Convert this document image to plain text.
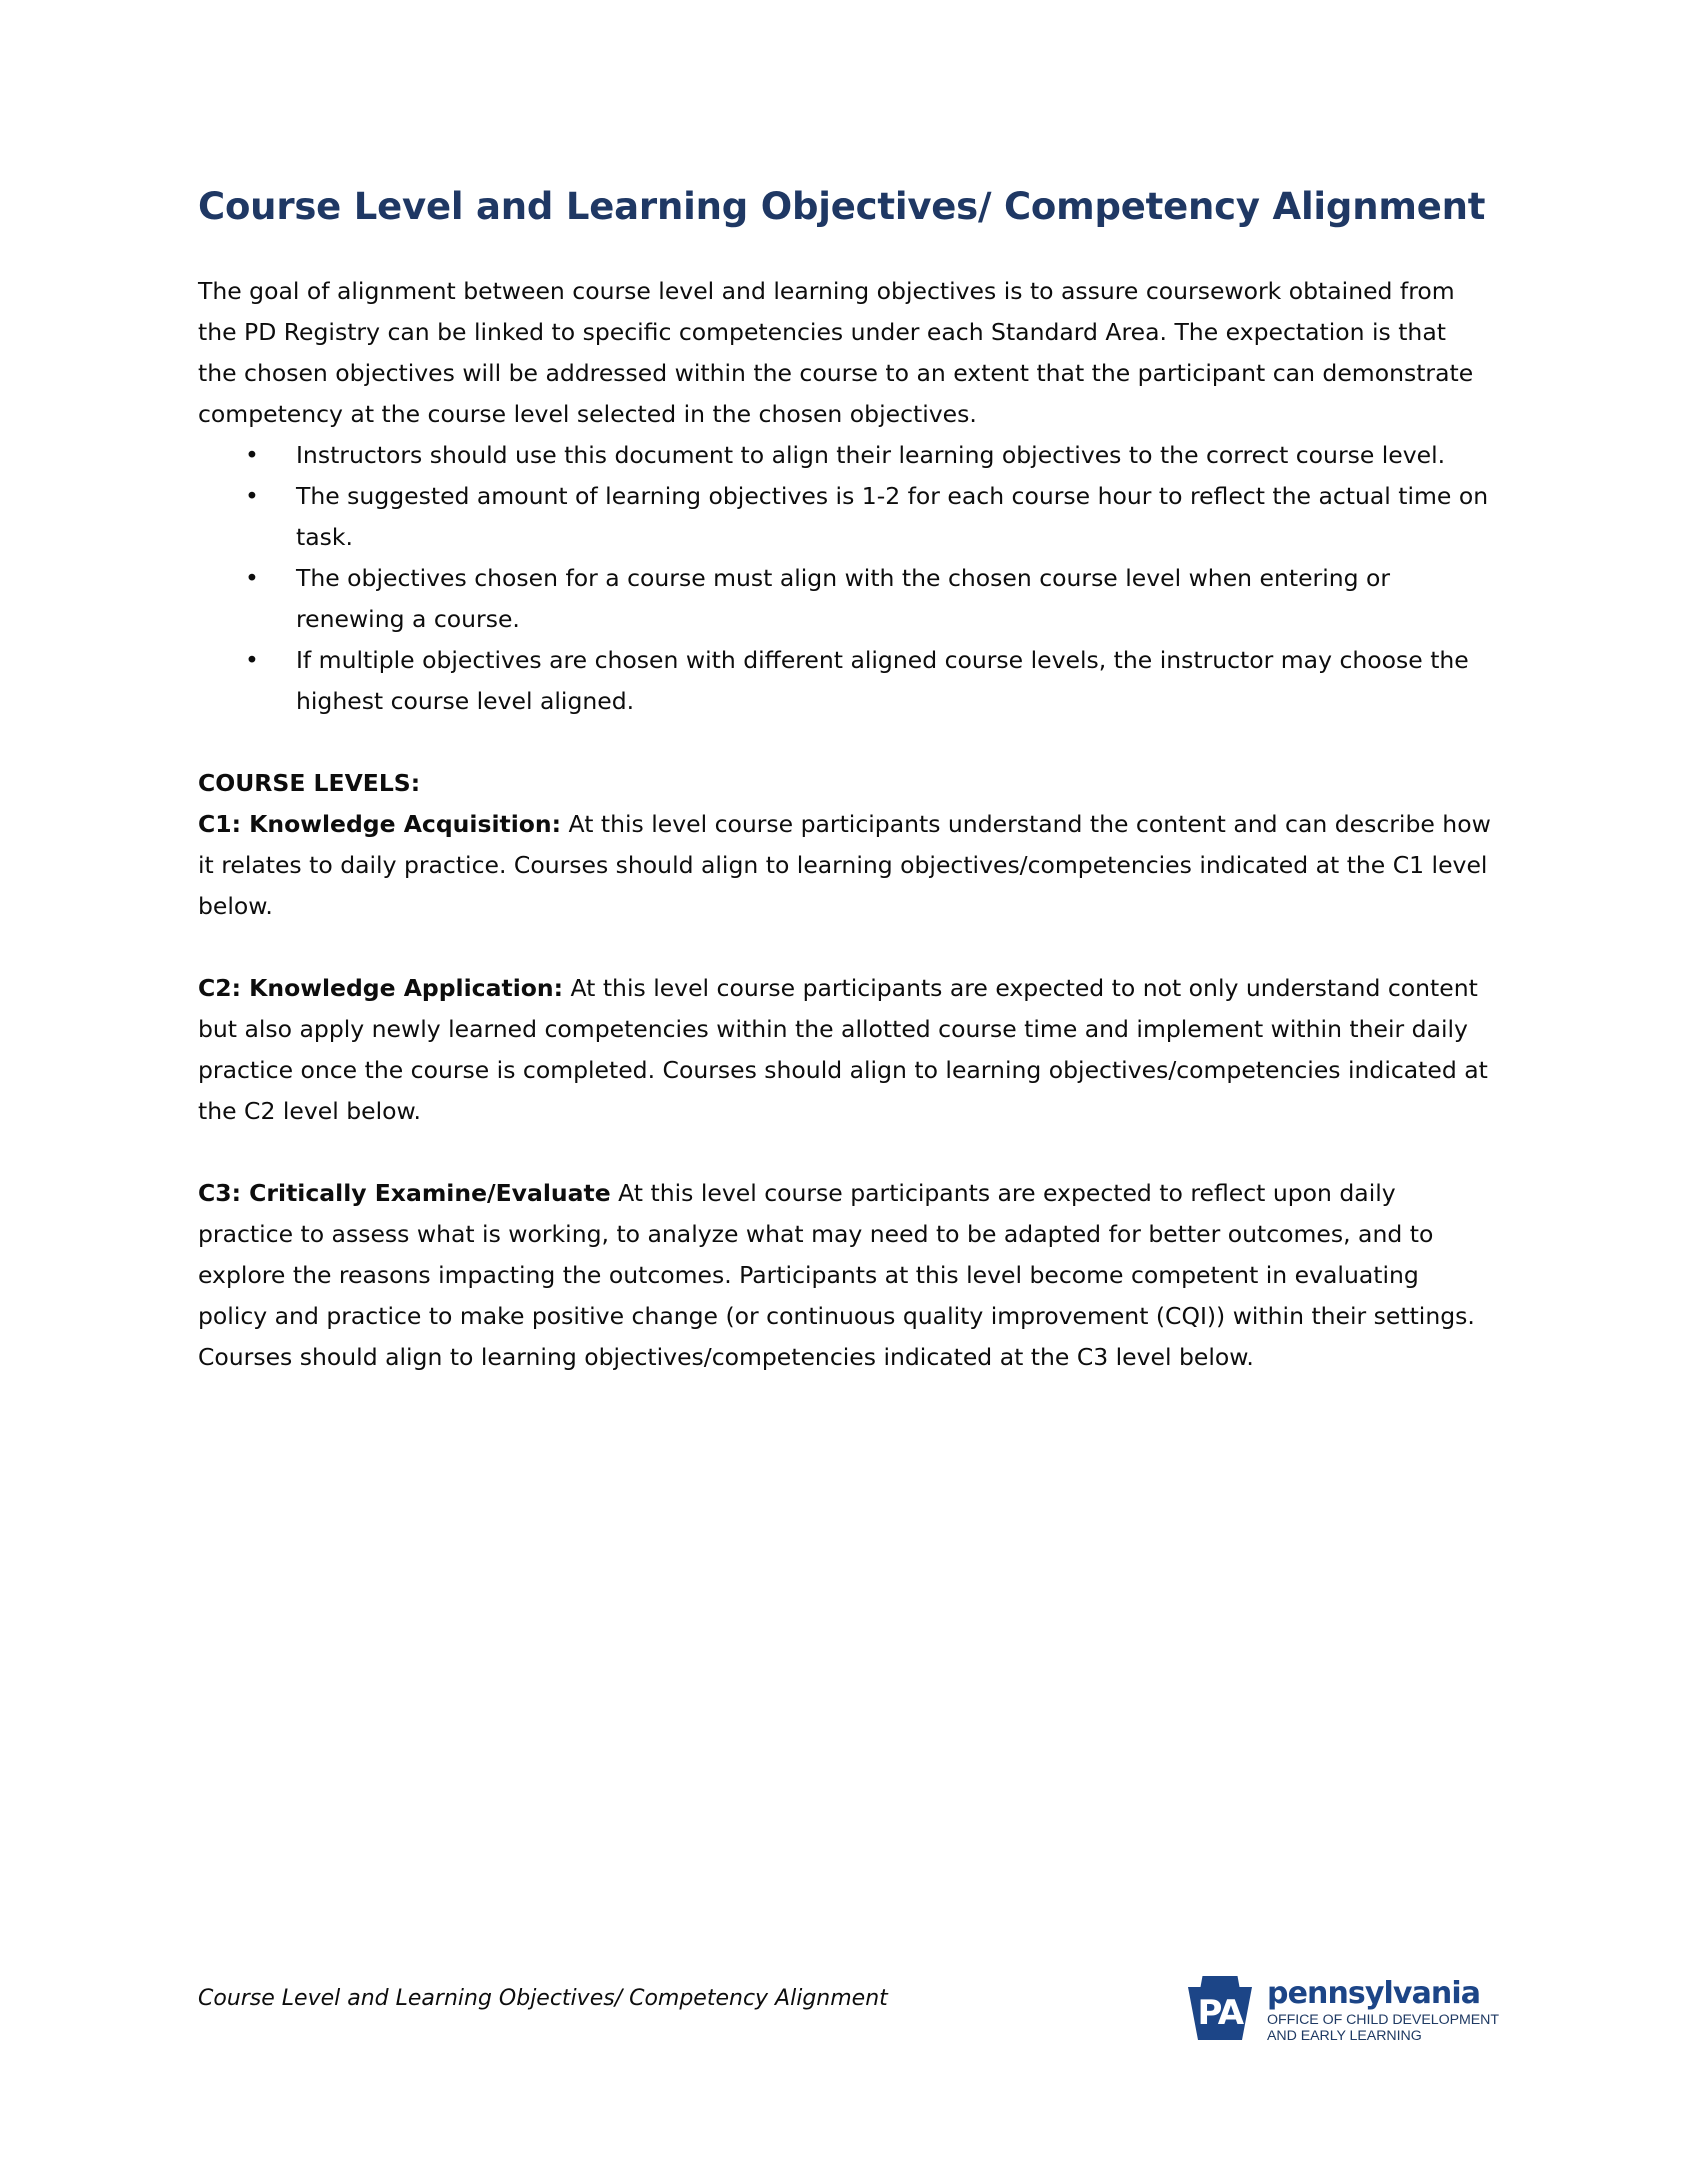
Course Level and Learning Objectives/ Competency Alignment

The goal of alignment between course level and learning objectives is to assure coursework obtained from the PD Registry can be linked to specific competencies under each Standard Area. The expectation is that the chosen objectives will be addressed within the course to an extent that the participant can demonstrate competency at the course level selected in the chosen objectives.

• Instructors should use this document to align their learning objectives to the correct course level.
• The suggested amount of learning objectives is 1-2 for each course hour to reflect the actual time on task.
• The objectives chosen for a course must align with the chosen course level when entering or renewing a course.
• If multiple objectives are chosen with different aligned course levels, the instructor may choose the highest course level aligned.

COURSE LEVELS:

C1: Knowledge Acquisition: At this level course participants understand the content and can describe how it relates to daily practice. Courses should align to learning objectives/competencies indicated at the C1 level below.

C2: Knowledge Application: At this level course participants are expected to not only understand content but also apply newly learned competencies within the allotted course time and implement within their daily practice once the course is completed. Courses should align to learning objectives/competencies indicated at the C2 level below.

C3: Critically Examine/Evaluate At this level course participants are expected to reflect upon daily practice to assess what is working, to analyze what may need to be adapted for better outcomes, and to explore the reasons impacting the outcomes. Participants at this level become competent in evaluating policy and practice to make positive change (or continuous quality improvement (CQI)) within their settings. Courses should align to learning objectives/competencies indicated at the C3 level below.

Course Level and Learning Objectives/ Competency Alignment	PA pennsylvania
OFFICE OF CHILD DEVELOPMENT
AND EARLY LEARNING
